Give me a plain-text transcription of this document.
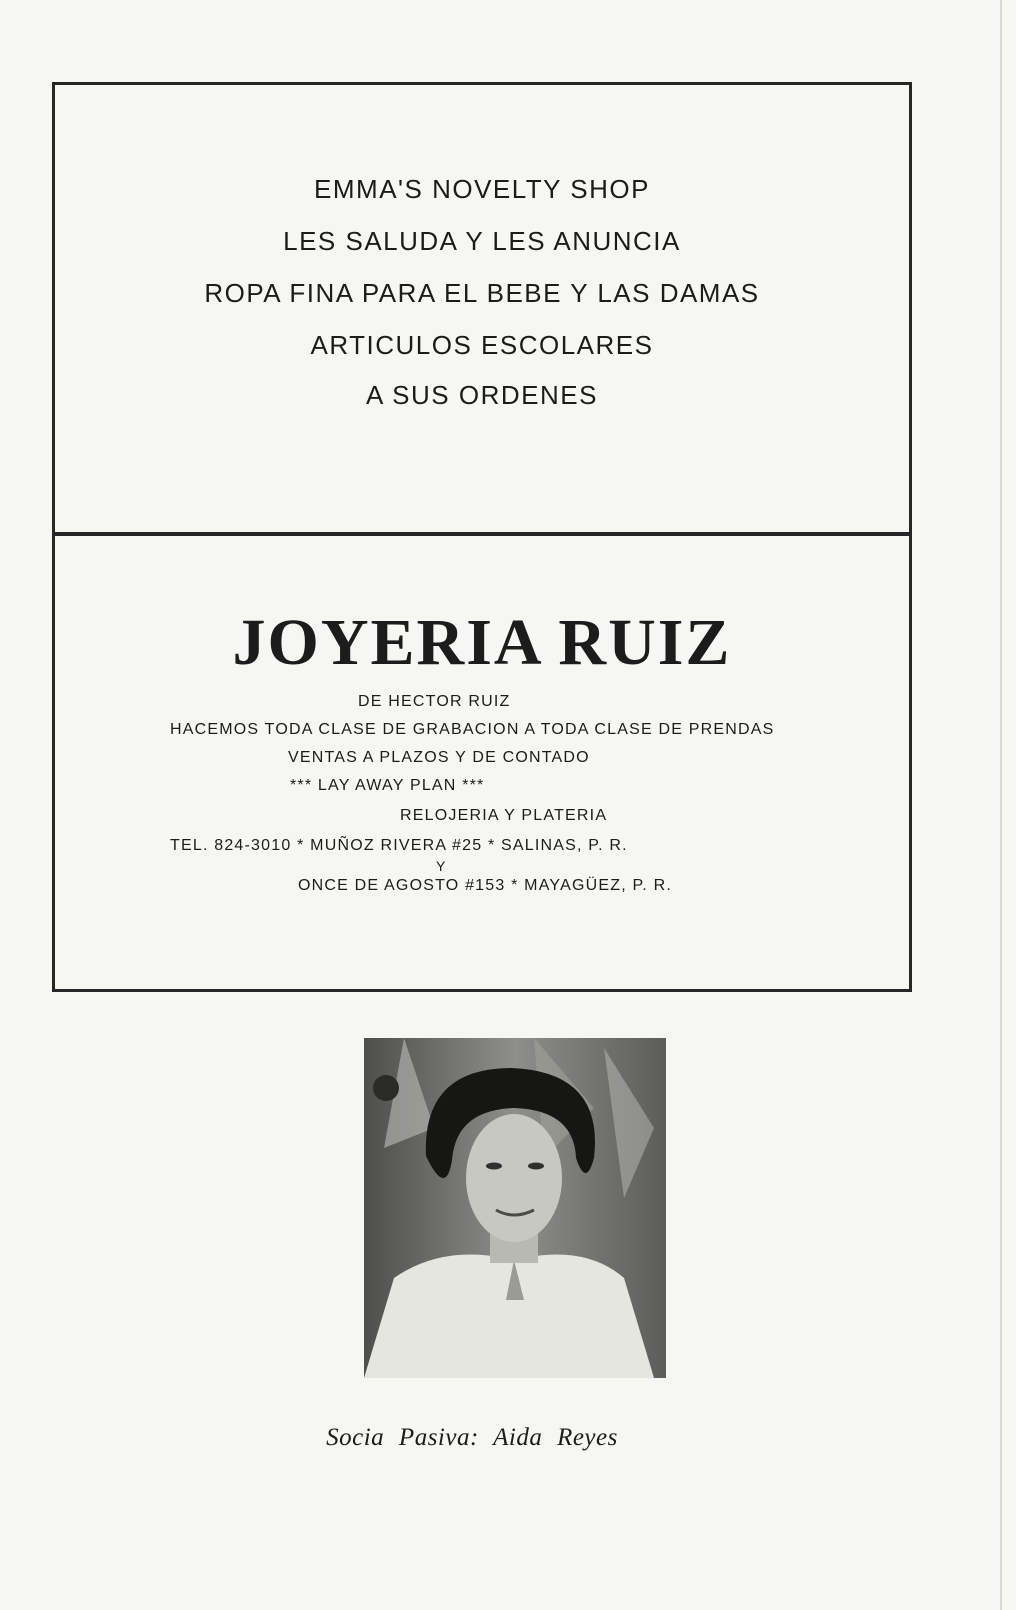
EMMA'S NOVELTY SHOP
LES SALUDA Y LES ANUNCIA
ROPA FINA PARA EL BEBE Y LAS DAMAS
ARTICULOS ESCOLARES
A SUS ORDENES
JOYERIA RUIZ
DE HECTOR RUIZ
HACEMOS TODA CLASE DE GRABACION A TODA CLASE DE PRENDAS
VENTAS A PLAZOS Y DE CONTADO
*** LAY AWAY PLAN ***
RELOJERIA Y PLATERIA
TEL. 824-3010 * MUÑOZ RIVERA #25 * SALINAS, P. R.
Y
ONCE DE AGOSTO #153 * MAYAGÜEZ, P. R.
Socia Pasiva: Aida Reyes
